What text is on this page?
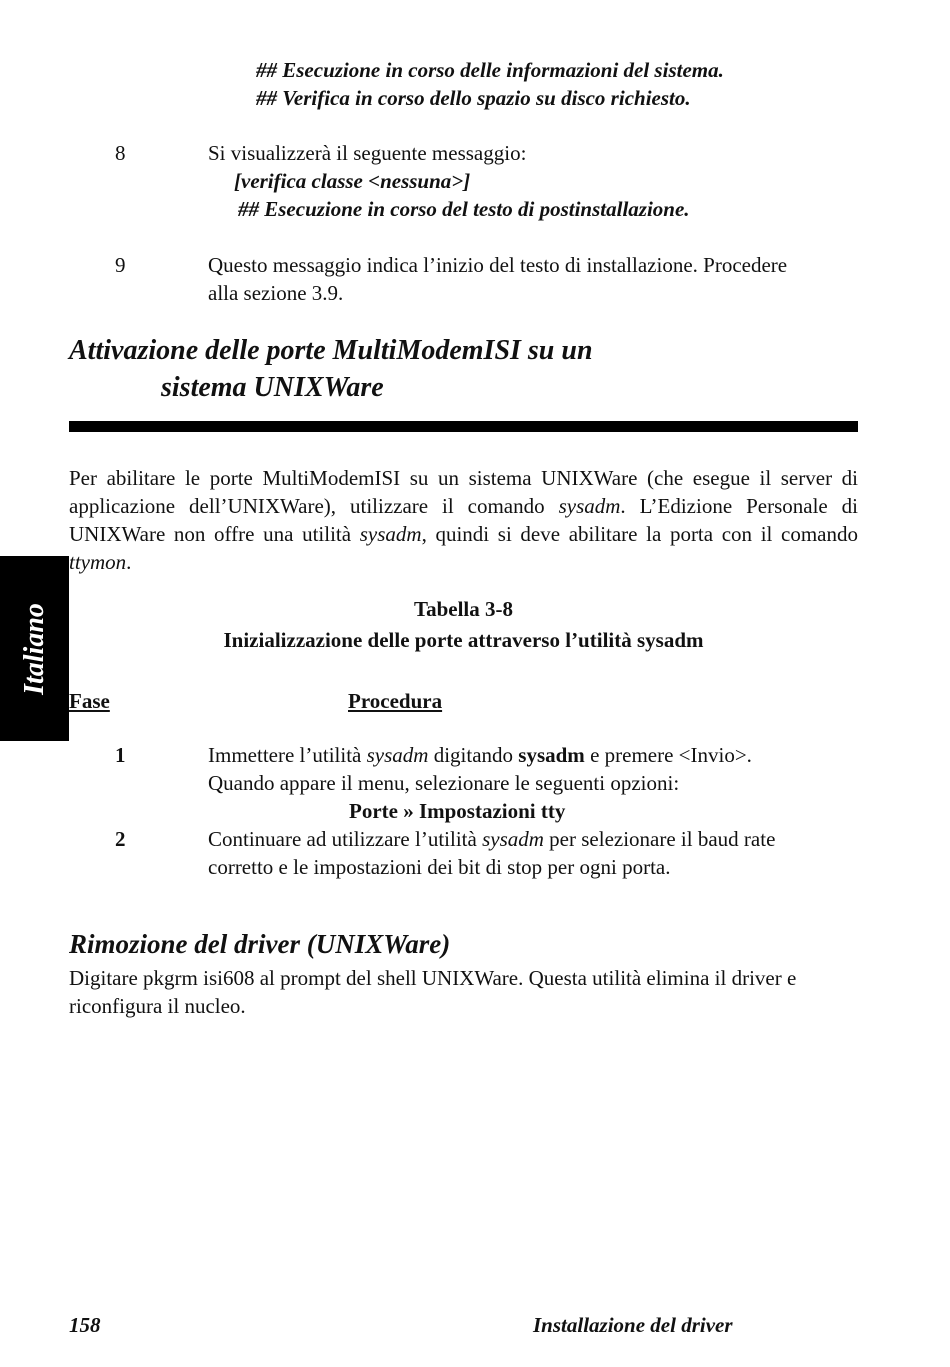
## Esecuzione in corso delle informazioni del sistema.
## Verifica in corso dello spazio su disco richiesto.
8	Si visualizzerà il seguente messaggio:
[verifica classe <nessuna>]
## Esecuzione in corso del testo di postinstallazione.
9	Questo messaggio indica l’inizio del testo di installazione. Procedere
alla sezione 3.9.
Attivazione delle porte MultiModemISI su un
sistema UNIXWare
Per abilitare le porte MultiModemISI su un sistema UNIXWare (che esegue il server di applicazione dell’UNIXWare), utilizzare il comando sysadm. L’Edizione Personale di UNIXWare non offre una utilità sysadm, quindi si deve abilitare la porta con il comando ttymon.
Italiano	Tabella 3-8
Inizializzazione delle porte attraverso l’utilità sysadm
Fase	Procedura
1	Immettere l’utilità sysadm digitando sysadm e premere <Invio>.
Quando appare il menu, selezionare le seguenti opzioni:
Porte » Impostazioni tty
2	Continuare ad utilizzare l’utilità sysadm per selezionare il baud rate
corretto e le impostazioni dei bit di stop per ogni porta.
Rimozione del driver (UNIXWare)
Digitare pkgrm isi608 al prompt del shell UNIXWare. Questa utilità elimina il driver e riconfigura il nucleo.
158	Installazione del driver
